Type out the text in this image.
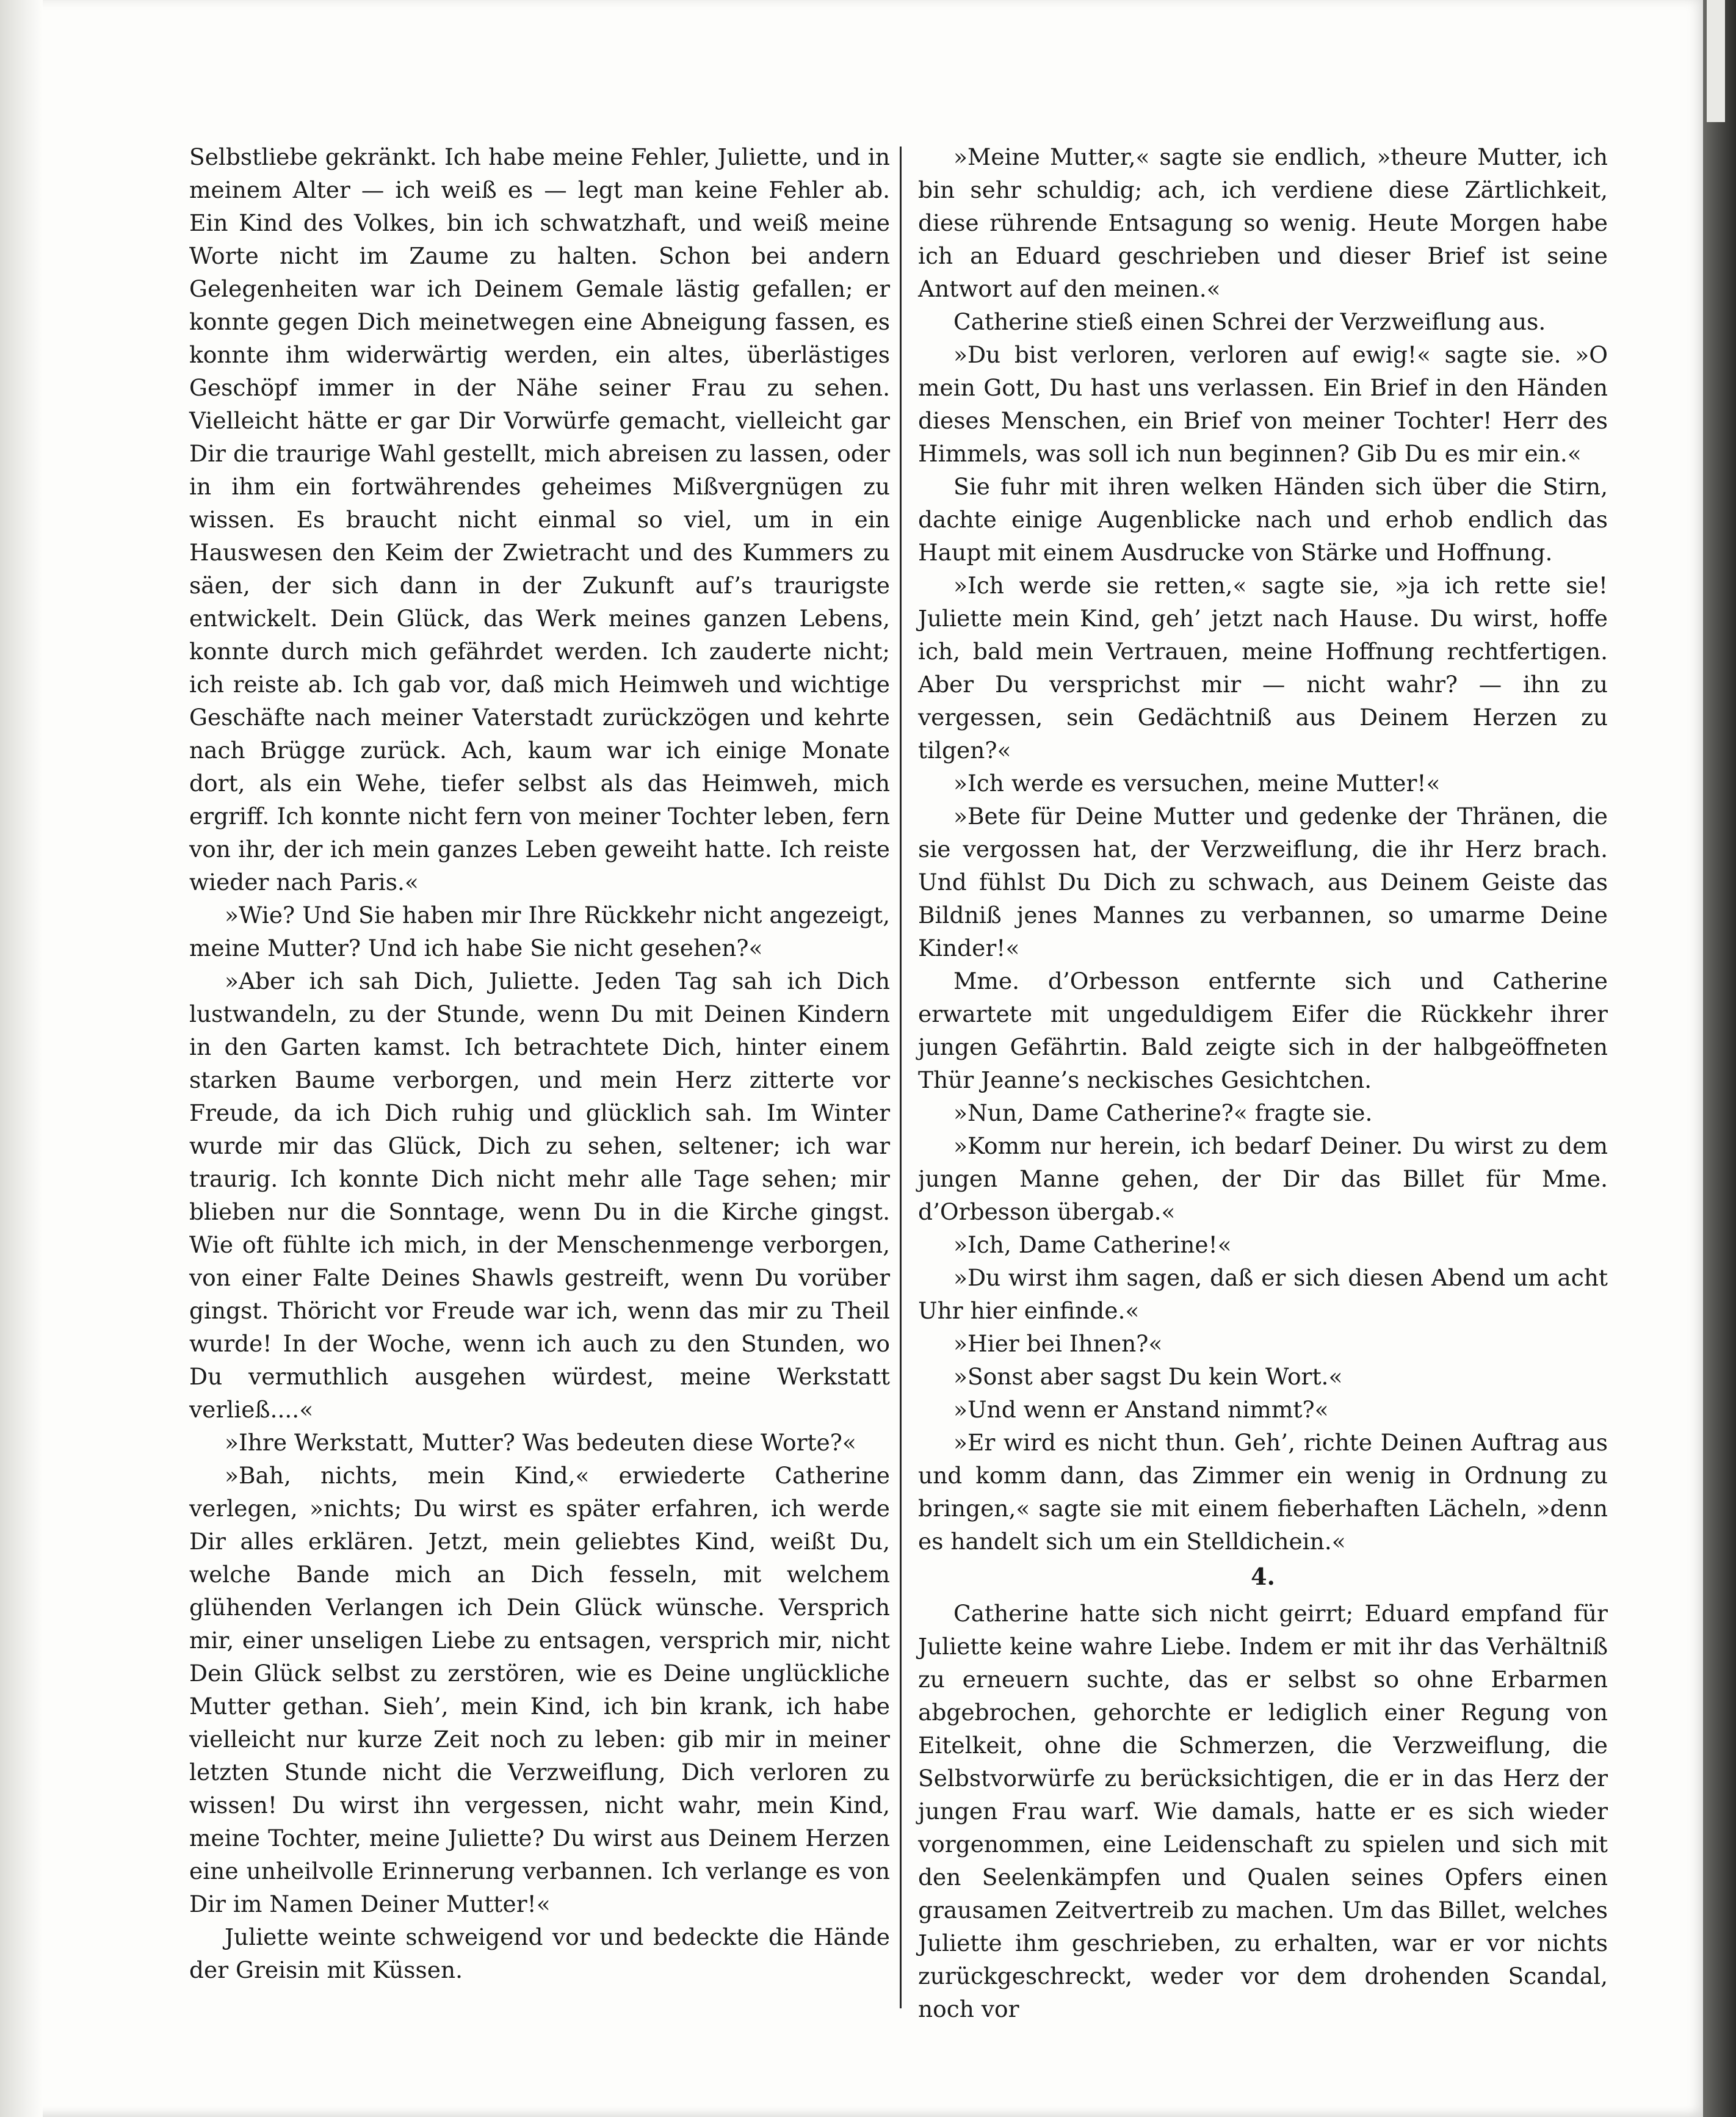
Selbstliebe gekränkt. Ich habe meine Fehler, Juliette, und in meinem Alter — ich weiß es — legt man keine Fehler ab. Ein Kind des Volkes, bin ich schwatzhaft, und weiß meine Worte nicht im Zaume zu halten. Schon bei andern Gelegenheiten war ich Deinem Gemale lästig gefallen; er konnte gegen Dich meinetwegen eine Abneigung fassen, es konnte ihm widerwärtig werden, ein altes, überlästiges Geschöpf immer in der Nähe seiner Frau zu sehen. Vielleicht hätte er gar Dir Vorwürfe gemacht, vielleicht gar Dir die traurige Wahl gestellt, mich abreisen zu lassen, oder in ihm ein fortwährendes geheimes Mißvergnügen zu wissen. Es braucht nicht einmal so viel, um in ein Hauswesen den Keim der Zwietracht und des Kummers zu säen, der sich dann in der Zukunft auf’s traurigste entwickelt. Dein Glück, das Werk meines ganzen Lebens, konnte durch mich gefährdet werden. Ich zauderte nicht; ich reiste ab. Ich gab vor, daß mich Heimweh und wichtige Geschäfte nach meiner Vaterstadt zurückzögen und kehrte nach Brügge zurück. Ach, kaum war ich einige Monate dort, als ein Wehe, tiefer selbst als das Heimweh, mich ergriff. Ich konnte nicht fern von meiner Tochter leben, fern von ihr, der ich mein ganzes Leben geweiht hatte. Ich reiste wieder nach Paris.«

»Wie? Und Sie haben mir Ihre Rückkehr nicht angezeigt, meine Mutter? Und ich habe Sie nicht gesehen?«

»Aber ich sah Dich, Juliette. Jeden Tag sah ich Dich lustwandeln, zu der Stunde, wenn Du mit Deinen Kindern in den Garten kamst. Ich betrachtete Dich, hinter einem starken Baume verborgen, und mein Herz zitterte vor Freude, da ich Dich ruhig und glücklich sah. Im Winter wurde mir das Glück, Dich zu sehen, seltener; ich war traurig. Ich konnte Dich nicht mehr alle Tage sehen; mir blieben nur die Sonntage, wenn Du in die Kirche gingst. Wie oft fühlte ich mich, in der Menschenmenge verborgen, von einer Falte Deines Shawls gestreift, wenn Du vorüber gingst. Thöricht vor Freude war ich, wenn das mir zu Theil wurde! In der Woche, wenn ich auch zu den Stunden, wo Du vermuthlich ausgehen würdest, meine Werkstatt verließ....«

»Ihre Werkstatt, Mutter? Was bedeuten diese Worte?«

»Bah, nichts, mein Kind,« erwiederte Catherine verlegen, »nichts; Du wirst es später erfahren, ich werde Dir alles erklären. Jetzt, mein geliebtes Kind, weißt Du, welche Bande mich an Dich fesseln, mit welchem glühenden Verlangen ich Dein Glück wünsche. Versprich mir, einer unseligen Liebe zu entsagen, versprich mir, nicht Dein Glück selbst zu zerstören, wie es Deine unglückliche Mutter gethan. Sieh’, mein Kind, ich bin krank, ich habe vielleicht nur kurze Zeit noch zu leben: gib mir in meiner letzten Stunde nicht die Verzweiflung, Dich verloren zu wissen! Du wirst ihn vergessen, nicht wahr, mein Kind, meine Tochter, meine Juliette? Du wirst aus Deinem Herzen eine unheilvolle Erinnerung verbannen. Ich verlange es von Dir im Namen Deiner Mutter!«

Juliette weinte schweigend vor und bedeckte die Hände der Greisin mit Küssen.

»Meine Mutter,« sagte sie endlich, »theure Mutter, ich bin sehr schuldig; ach, ich verdiene diese Zärtlichkeit, diese rührende Entsagung so wenig. Heute Morgen habe ich an Eduard geschrieben und dieser Brief ist seine Antwort auf den meinen.«

Catherine stieß einen Schrei der Verzweiflung aus.

»Du bist verloren, verloren auf ewig!« sagte sie. »O mein Gott, Du hast uns verlassen. Ein Brief in den Händen dieses Menschen, ein Brief von meiner Tochter! Herr des Himmels, was soll ich nun beginnen? Gib Du es mir ein.«

Sie fuhr mit ihren welken Händen sich über die Stirn, dachte einige Augenblicke nach und erhob endlich das Haupt mit einem Ausdrucke von Stärke und Hoffnung.

»Ich werde sie retten,« sagte sie, »ja ich rette sie! Juliette mein Kind, geh’ jetzt nach Hause. Du wirst, hoffe ich, bald mein Vertrauen, meine Hoffnung rechtfertigen. Aber Du versprichst mir — nicht wahr? — ihn zu vergessen, sein Gedächtniß aus Deinem Herzen zu tilgen?«

»Ich werde es versuchen, meine Mutter!«

»Bete für Deine Mutter und gedenke der Thränen, die sie vergossen hat, der Verzweiflung, die ihr Herz brach. Und fühlst Du Dich zu schwach, aus Deinem Geiste das Bildniß jenes Mannes zu verbannen, so umarme Deine Kinder!«

Mme. d’Orbesson entfernte sich und Catherine erwartete mit ungeduldigem Eifer die Rückkehr ihrer jungen Gefährtin. Bald zeigte sich in der halbgeöffneten Thür Jeanne’s neckisches Gesichtchen.

»Nun, Dame Catherine?« fragte sie.

»Komm nur herein, ich bedarf Deiner. Du wirst zu dem jungen Manne gehen, der Dir das Billet für Mme. d’Orbesson übergab.«

»Ich, Dame Catherine!«

»Du wirst ihm sagen, daß er sich diesen Abend um acht Uhr hier einfinde.«

»Hier bei Ihnen?«

»Sonst aber sagst Du kein Wort.«

»Und wenn er Anstand nimmt?«

»Er wird es nicht thun. Geh’, richte Deinen Auftrag aus und komm dann, das Zimmer ein wenig in Ordnung zu bringen,« sagte sie mit einem fieberhaften Lächeln, »denn es handelt sich um ein Stelldichein.«

4.

Catherine hatte sich nicht geirrt; Eduard empfand für Juliette keine wahre Liebe. Indem er mit ihr das Verhältniß zu erneuern suchte, das er selbst so ohne Erbarmen abgebrochen, gehorchte er lediglich einer Regung von Eitelkeit, ohne die Schmerzen, die Verzweiflung, die Selbstvorwürfe zu berücksichtigen, die er in das Herz der jungen Frau warf. Wie damals, hatte er es sich wieder vorgenommen, eine Leidenschaft zu spielen und sich mit den Seelenkämpfen und Qualen seines Opfers einen grausamen Zeitvertreib zu machen. Um das Billet, welches Juliette ihm geschrieben, zu erhalten, war er vor nichts zurückgeschreckt, weder vor dem drohenden Scandal, noch vor
